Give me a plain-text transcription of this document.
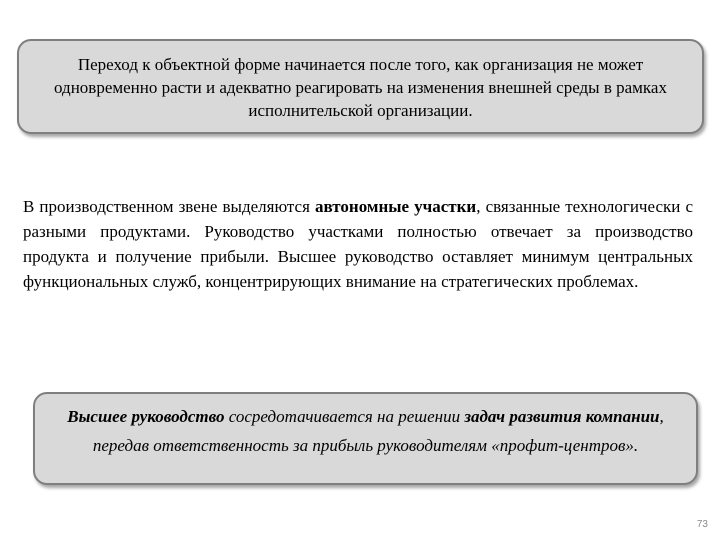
Переход к объектной форме начинается после того, как организация не может одновременно расти и адекватно реагировать на изменения внешней среды в рамках исполнительской организации.
В производственном звене выделяются автономные участки, связанные технологически с разными продуктами. Руководство участками полностью отвечает за производство продукта и получение прибыли. Высшее руководство оставляет минимум центральных функциональных служб, концентрирующих внимание на стратегических проблемах.
Высшее руководство сосредотачивается на решении задач развития компании, передав ответственность за прибыль руководителям «профит-центров».
73
